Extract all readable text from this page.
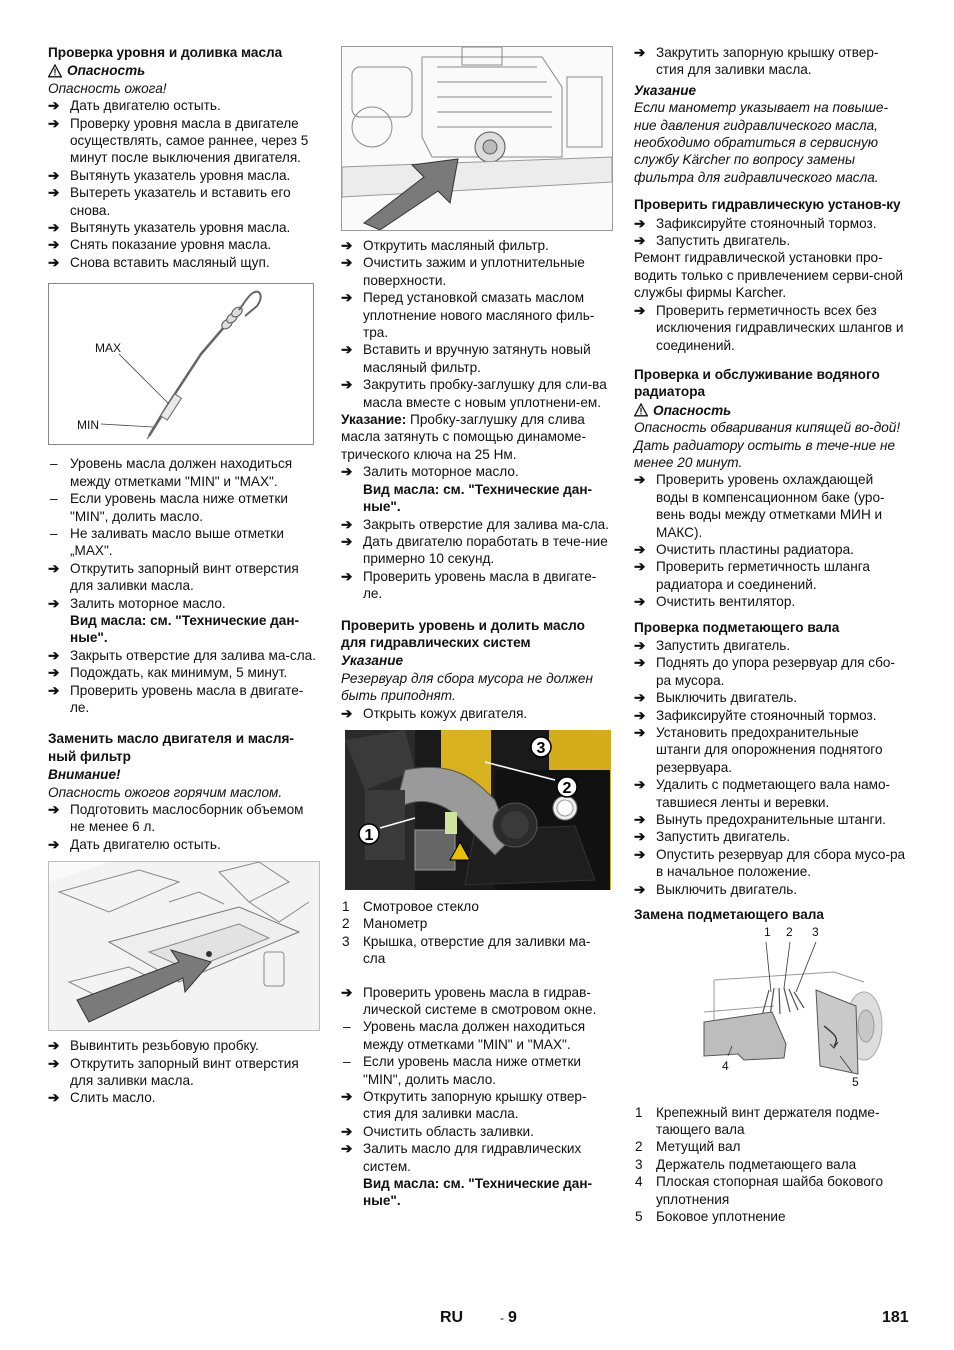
Проверка уровня и доливка масла
Опасность
Опасность ожога!
➔ Дать двигателю остыть.
➔ Проверку уровня масла в двигателе осуществлять, самое раннее, через 5 минут после выключения двигателя.
➔ Вытянуть указатель уровня масла.
➔ Вытереть указатель и вставить его снова.
➔ Вытянуть указатель уровня масла.
➔ Снять показание уровня масла.
➔ Снова вставить масляный щуп.
MAX
MIN
– Уровень масла должен находиться между отметками "MIN" и "MAX".
– Если уровень масла ниже отметки "MIN", долить масло.
– Не заливать масло выше отметки „MAX".
➔ Открутить запорный винт отверстия для заливки масла.
➔ Залить моторное масло.
Вид масла: см. "Технические дан-ные".
➔ Закрыть отверстие для залива ма-сла.
➔ Подождать, как минимум, 5 минут.
➔ Проверить уровень масла в двигате-ле.
Заменить масло двигателя и масля-ный фильтр
Внимание!
Опасность ожогов горячим маслом.
➔ Подготовить маслосборник объемом не менее 6 л.
➔ Дать двигателю остыть.
➔ Вывинтить резьбовую пробку.
➔ Открутить запорный винт отверстия для заливки масла.
➔ Слить масло.
➔ Открутить масляный фильтр.
➔ Очистить зажим и уплотнительные поверхности.
➔ Перед установкой смазать маслом уплотнение нового масляного филь-тра.
➔ Вставить и вручную затянуть новый масляный фильтр.
➔ Закрутить пробку-заглушку для сли-ва масла вместе с новым уплотнени-ем.
Указание: Пробку-заглушку для слива масла затянуть с помощью динамоме-трического ключа на 25 Нм.
➔ Залить моторное масло.
Вид масла: см. "Технические дан-ные".
➔ Закрыть отверстие для залива ма-сла.
➔ Дать двигателю поработать в тече-ние примерно 10 секунд.
➔ Проверить уровень масла в двигате-ле.
Проверить уровень и долить масло для гидравлических систем
Указание
Резервуар для сбора мусора не должен быть приподнят.
➔ Открыть кожух двигателя.
1
2
3
1 Смотровое стекло
2 Манометр
3 Крышка, отверстие для заливки ма-сла
➔ Проверить уровень масла в гидрав-лической системе в смотровом окне.
– Уровень масла должен находиться между отметками "MIN" и "MAX".
– Если уровень масла ниже отметки "MIN", долить масло.
➔ Открутить запорную крышку отвер-стия для заливки масла.
➔ Очистить область заливки.
➔ Залить масло для гидравлических систем.
Вид масла: см. "Технические дан-ные".
➔ Закрутить запорную крышку отвер-стия для заливки масла.
Указание
Если манометр указывает на повыше-ние давления гидравлического масла, необходимо обратиться в сервисную службу Kärcher по вопросу замены фильтра для гидравлического масла.
Проверить гидравлическую установ-ку
➔ Зафиксируйте стояночный тормоз.
➔ Запустить двигатель.
Ремонт гидравлической установки про-водить только с привлечением серви-сной службы фирмы Karcher.
➔ Проверить герметичность всех без исключения гидравлических шлангов и соединений.
Проверка и обслуживание водяного радиатора
Опасность
Опасность обваривания кипящей во-дой! Дать радиатору остыть в тече-ние не менее 20 минут.
➔ Проверить уровень охлаждающей воды в компенсационном баке (уро-вень воды между отметками МИН и МАКС).
➔ Очистить пластины радиатора.
➔ Проверить герметичность шланга радиатора и соединений.
➔ Очистить вентилятор.
Проверка подметающего вала
➔ Запустить двигатель.
➔ Поднять до упора резервуар для сбо-ра мусора.
➔ Выключить двигатель.
➔ Зафиксируйте стояночный тормоз.
➔ Установить предохранительные штанги для опорожнения поднятого резервуара.
➔ Удалить с подметающего вала намо-тавшиеся ленты и веревки.
➔ Вынуть предохранительные штанги.
➔ Запустить двигатель.
➔ Опустить резервуар для сбора мусо-ра в начальное положение.
➔ Выключить двигатель.
Замена подметающего вала
1 2 3
4
5
1 Крепежный винт держателя подме-тающего вала
2 Метущий вал
3 Держатель подметающего вала
4 Плоская стопорная шайба бокового уплотнения
5 Боковое уплотнение
RU	- 9	181
